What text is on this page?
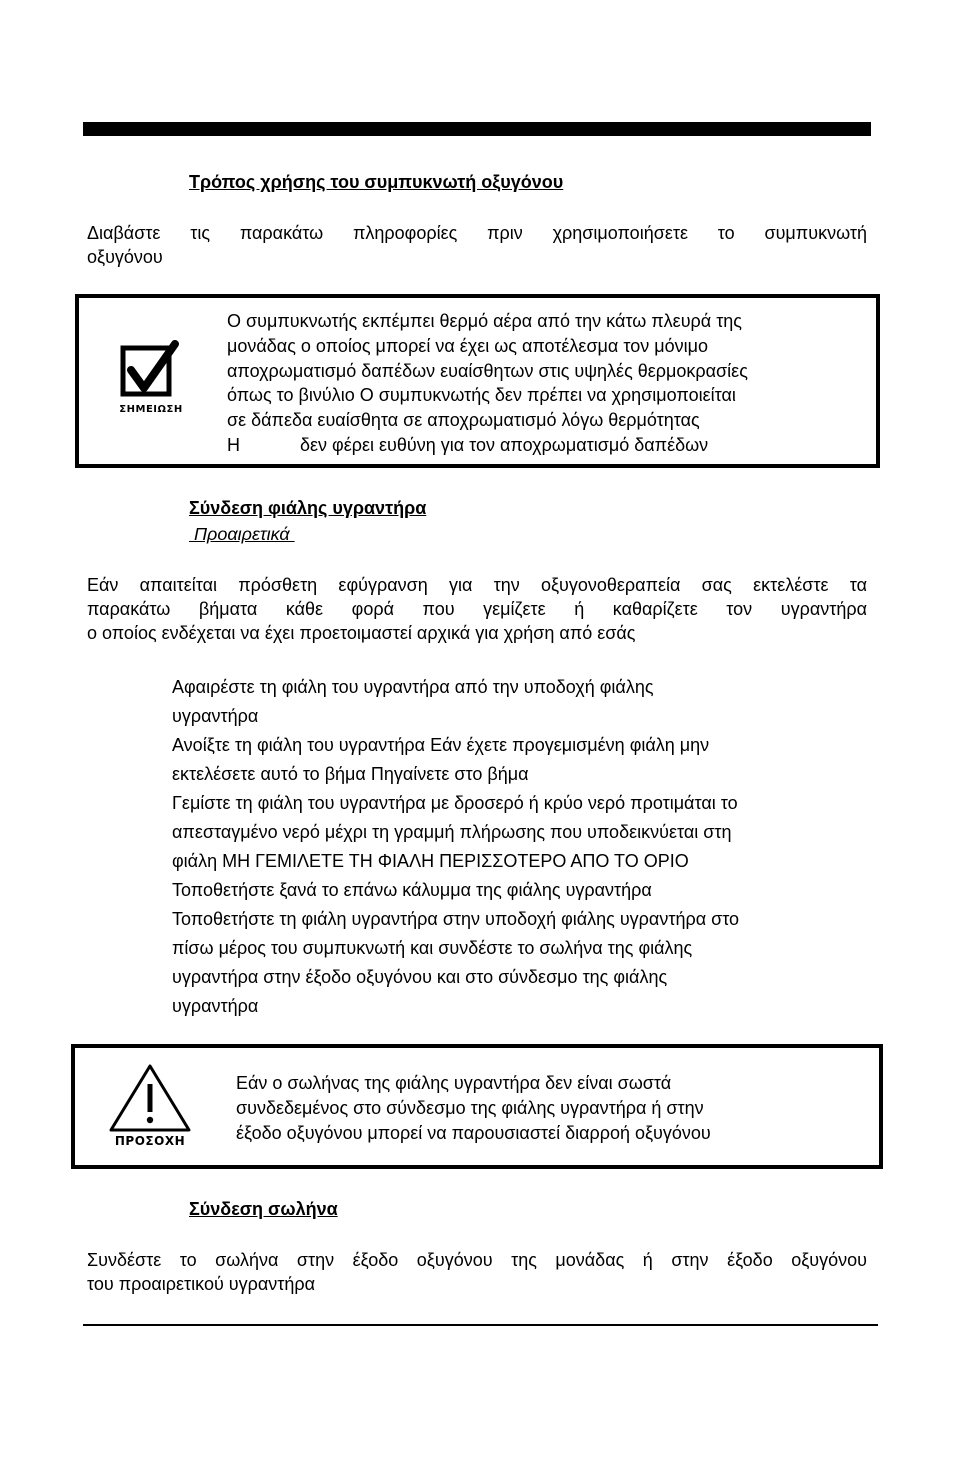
Τρόπος χρήσης του συμπυκνωτή οξυγόνου
Διαβάστε τις παρακάτω πληροφορίες πριν χρησιμοποιήσετε το συμπυκνωτή
οξυγόνου
ΣΗΜΕΙΩΣΗ
Ο συμπυκνωτής εκπέμπει θερμό αέρα από την κάτω πλευρά της
μονάδας ο οποίος μπορεί να έχει ως αποτέλεσμα τον μόνιμο
αποχρωματισμό δαπέδων ευαίσθητων στις υψηλές θερμοκρασίες
όπως το βινύλιο Ο συμπυκνωτής δεν πρέπει να χρησιμοποιείται
σε δάπεδα ευαίσθητα σε αποχρωματισμό λόγω θερμότητας
Η            δεν φέρει ευθύνη για τον αποχρωματισμό δαπέδων
Σύνδεση φιάλης υγραντήρα
Προαιρετικά
Εάν απαιτείται πρόσθετη εφύγρανση για την οξυγονοθεραπεία σας εκτελέστε τα
παρακάτω βήματα κάθε φορά που γεμίζετε ή καθαρίζετε τον υγραντήρα
ο οποίος ενδέχεται να έχει προετοιμαστεί αρχικά για χρήση από εσάς
Αφαιρέστε τη φιάλη του υγραντήρα από την υποδοχή φιάλης
υγραντήρα
Ανοίξτε τη φιάλη του υγραντήρα Εάν έχετε προγεμισμένη φιάλη μην
εκτελέσετε αυτό το βήμα Πηγαίνετε στο βήμα
Γεμίστε τη φιάλη του υγραντήρα με δροσερό ή κρύο νερό προτιμάται το
απεσταγμένο νερό μέχρι τη γραμμή πλήρωσης που υποδεικνύεται στη
φιάλη ΜΗ ΓΕΜΙΛΕΤΕ ΤΗ ΦΙΑΛΗ ΠΕΡΙΣΣΟΤΕΡΟ ΑΠΟ ΤΟ ΟΡΙΟ
Τοποθετήστε ξανά το επάνω κάλυμμα της φιάλης υγραντήρα
Τοποθετήστε τη φιάλη υγραντήρα στην υποδοχή φιάλης υγραντήρα στο
πίσω μέρος του συμπυκνωτή και συνδέστε το σωλήνα της φιάλης
υγραντήρα στην έξοδο οξυγόνου και στο σύνδεσμο της φιάλης
υγραντήρα
ΠΡΟΣΟΧΗ
Εάν ο σωλήνας της φιάλης υγραντήρα δεν είναι σωστά
συνδεδεμένος στο σύνδεσμο της φιάλης υγραντήρα ή στην
έξοδο οξυγόνου μπορεί να παρουσιαστεί διαρροή οξυγόνου
Σύνδεση σωλήνα
Συνδέστε το σωλήνα στην έξοδο οξυγόνου της μονάδας ή στην έξοδο οξυγόνου
του προαιρετικού υγραντήρα
